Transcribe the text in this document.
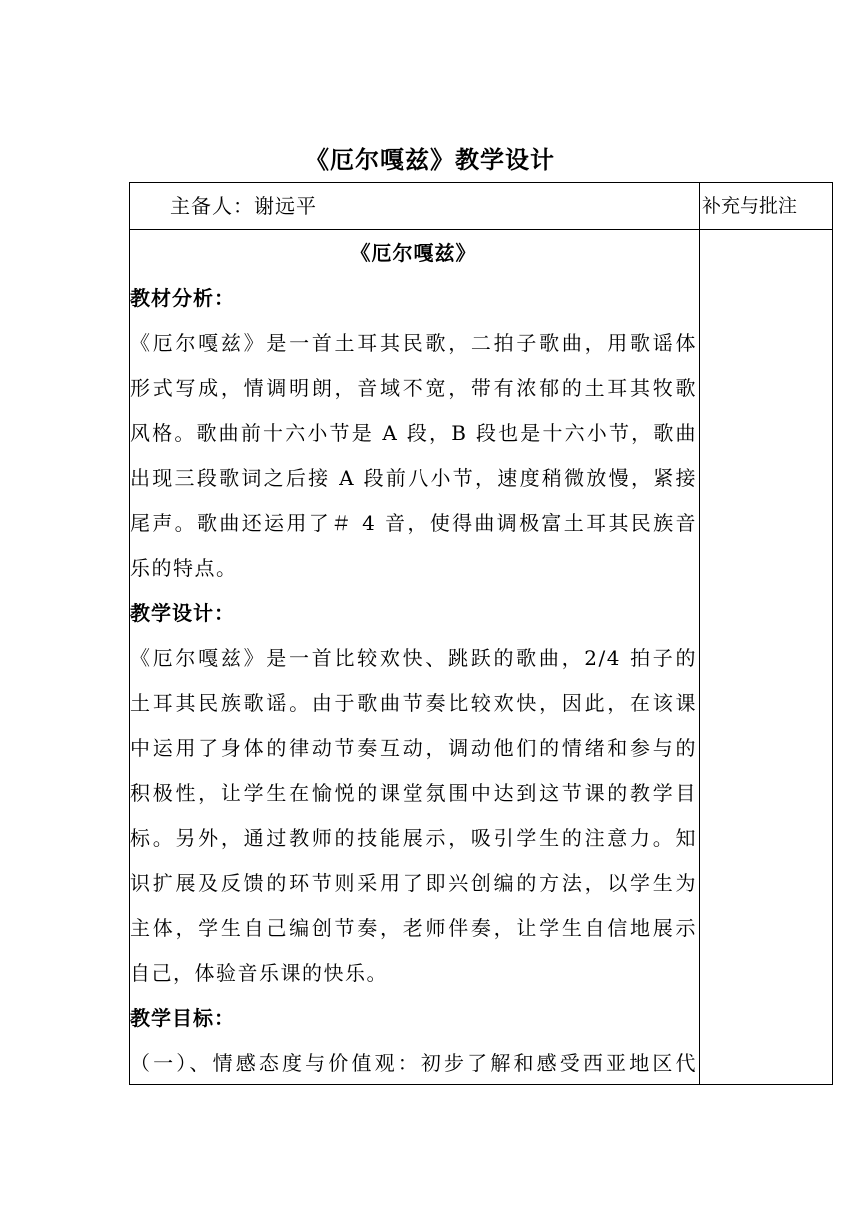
《厄尔嘎兹》教学设计
主备人：谢远平	补充与批注
《厄尔嘎兹》
教材分析：
《厄尔嘎兹》是一首土耳其民歌，二拍子歌曲，用歌谣体
形式写成，情调明朗，音域不宽，带有浓郁的土耳其牧歌
风格。歌曲前十六小节是 A 段，B 段也是十六小节，歌曲
出现三段歌词之后接 A 段前八小节，速度稍微放慢，紧接
尾声。歌曲还运用了＃ 4 音，使得曲调极富土耳其民族音
乐的特点。
教学设计：
《厄尔嘎兹》是一首比较欢快、跳跃的歌曲，2/4 拍子的
土耳其民族歌谣。由于歌曲节奏比较欢快，因此，在该课
中运用了身体的律动节奏互动，调动他们的情绪和参与的
积极性，让学生在愉悦的课堂氛围中达到这节课的教学目
标。另外，通过教师的技能展示，吸引学生的注意力。知
识扩展及反馈的环节则采用了即兴创编的方法，以学生为
主体，学生自己编创节奏，老师伴奏，让学生自信地展示
自己，体验音乐课的快乐。
教学目标：
（一）、情感态度与价值观：初步了解和感受西亚地区代
